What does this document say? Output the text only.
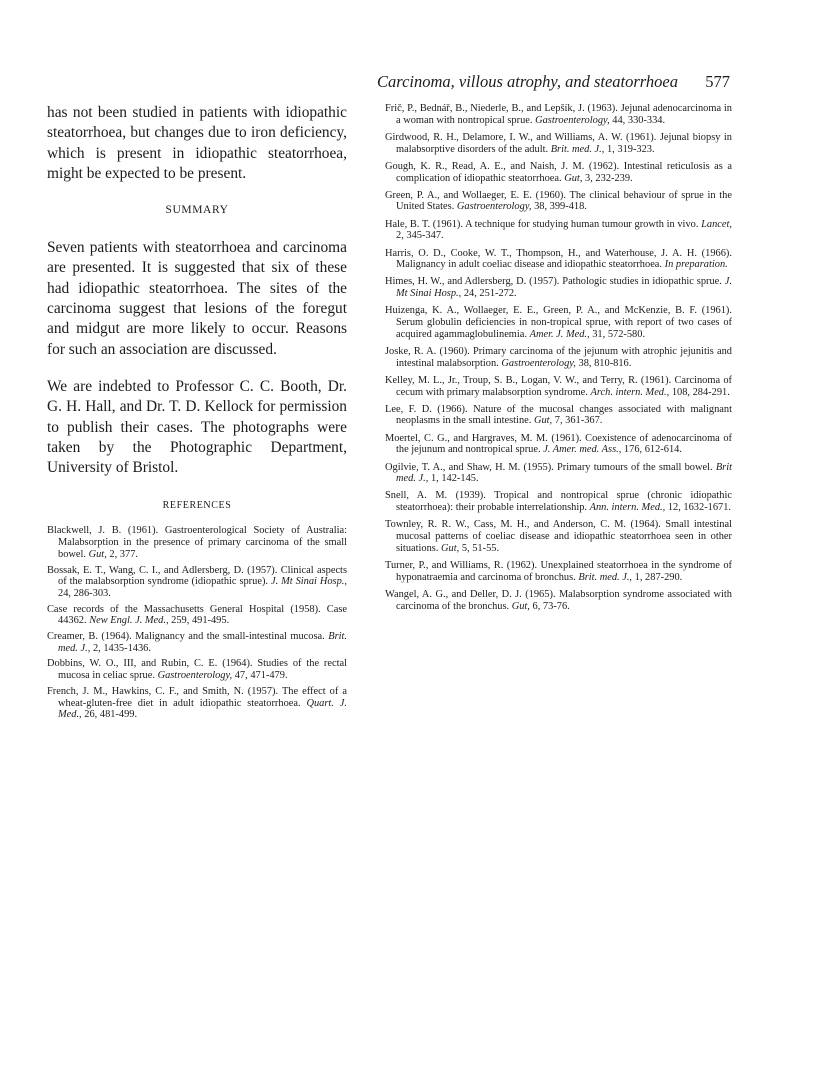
Carcinoma, villous atrophy, and steatorrhoea	577

has not been studied in patients with idiopathic steatorrhoea, but changes due to iron deficiency, which is present in idiopathic steatorrhoea, might be expected to be present.

SUMMARY

Seven patients with steatorrhoea and carcinoma are presented. It is suggested that six of these had idiopathic steatorrhoea. The sites of the carcinoma suggest that lesions of the foregut and midgut are more likely to occur. Reasons for such an association are discussed.

We are indebted to Professor C. C. Booth, Dr. G. H. Hall, and Dr. T. D. Kellock for permission to publish their cases. The photographs were taken by the Photographic Department, University of Bristol.

REFERENCES
Blackwell, J. B. (1961). Gastroenterological Society of Australia: Malabsorption in the presence of primary carcinoma of the small bowel. Gut, 2, 377.
Bossak, E. T., Wang, C. I., and Adlersberg, D. (1957). Clinical aspects of the malabsorption syndrome (idiopathic sprue). J. Mt Sinai Hosp., 24, 286-303.
Case records of the Massachusetts General Hospital (1958). Case 44362. New Engl. J. Med., 259, 491-495.
Creamer, B. (1964). Malignancy and the small-intestinal mucosa. Brit. med. J., 2, 1435-1436.
Dobbins, W. O., III, and Rubin, C. E. (1964). Studies of the rectal mucosa in celiac sprue. Gastroenterology, 47, 471-479.
French, J. M., Hawkins, C. F., and Smith, N. (1957). The effect of a wheat-gluten-free diet in adult idiopathic steatorrhoea. Quart. J. Med., 26, 481-499.
Frič, P., Bednář, B., Niederle, B., and Lepšík, J. (1963). Jejunal adenocarcinoma in a woman with nontropical sprue. Gastroenterology, 44, 330-334.
Girdwood, R. H., Delamore, I. W., and Williams, A. W. (1961). Jejunal biopsy in malabsorptive disorders of the adult. Brit. med. J., 1, 319-323.
Gough, K. R., Read, A. E., and Naish, J. M. (1962). Intestinal reticulosis as a complication of idiopathic steatorrhoea. Gut, 3, 232-239.
Green, P. A., and Wollaeger, E. E. (1960). The clinical behaviour of sprue in the United States. Gastroenterology, 38, 399-418.
Hale, B. T. (1961). A technique for studying human tumour growth in vivo. Lancet, 2, 345-347.
Harris, O. D., Cooke, W. T., Thompson, H., and Waterhouse, J. A. H. (1966). Malignancy in adult coeliac disease and idiopathic steatorrhoea. In preparation.
Himes, H. W., and Adlersberg, D. (1957). Pathologic studies in idiopathic sprue. J. Mt Sinai Hosp., 24, 251-272.
Huizenga, K. A., Wollaeger, E. E., Green, P. A., and McKenzie, B. F. (1961). Serum globulin deficiencies in non-tropical sprue, with report of two cases of acquired agammaglobulinemia. Amer. J. Med., 31, 572-580.
Joske, R. A. (1960). Primary carcinoma of the jejunum with atrophic jejunitis and intestinal malabsorption. Gastroenterology, 38, 810-816.
Kelley, M. L., Jr., Troup, S. B., Logan, V. W., and Terry, R. (1961). Carcinoma of cecum with primary malabsorption syndrome. Arch. intern. Med., 108, 284-291.
Lee, F. D. (1966). Nature of the mucosal changes associated with malignant neoplasms in the small intestine. Gut, 7, 361-367.
Moertel, C. G., and Hargraves, M. M. (1961). Coexistence of adenocarcinoma of the jejunum and nontropical sprue. J. Amer. med. Ass., 176, 612-614.
Ogilvie, T. A., and Shaw, H. M. (1955). Primary tumours of the small bowel. Brit med. J., 1, 142-145.
Snell, A. M. (1939). Tropical and nontropical sprue (chronic idiopathic steatorrhoea): their probable interrelationship. Ann. intern. Med., 12, 1632-1671.
Townley, R. R. W., Cass, M. H., and Anderson, C. M. (1964). Small intestinal mucosal patterns of coeliac disease and idiopathic steatorrhoea seen in other situations. Gut, 5, 51-55.
Turner, P., and Williams, R. (1962). Unexplained steatorrhoea in the syndrome of hyponatraemia and carcinoma of bronchus. Brit. med. J., 1, 287-290.
Wangel, A. G., and Deller, D. J. (1965). Malabsorption syndrome associated with carcinoma of the bronchus. Gut, 6, 73-76.
